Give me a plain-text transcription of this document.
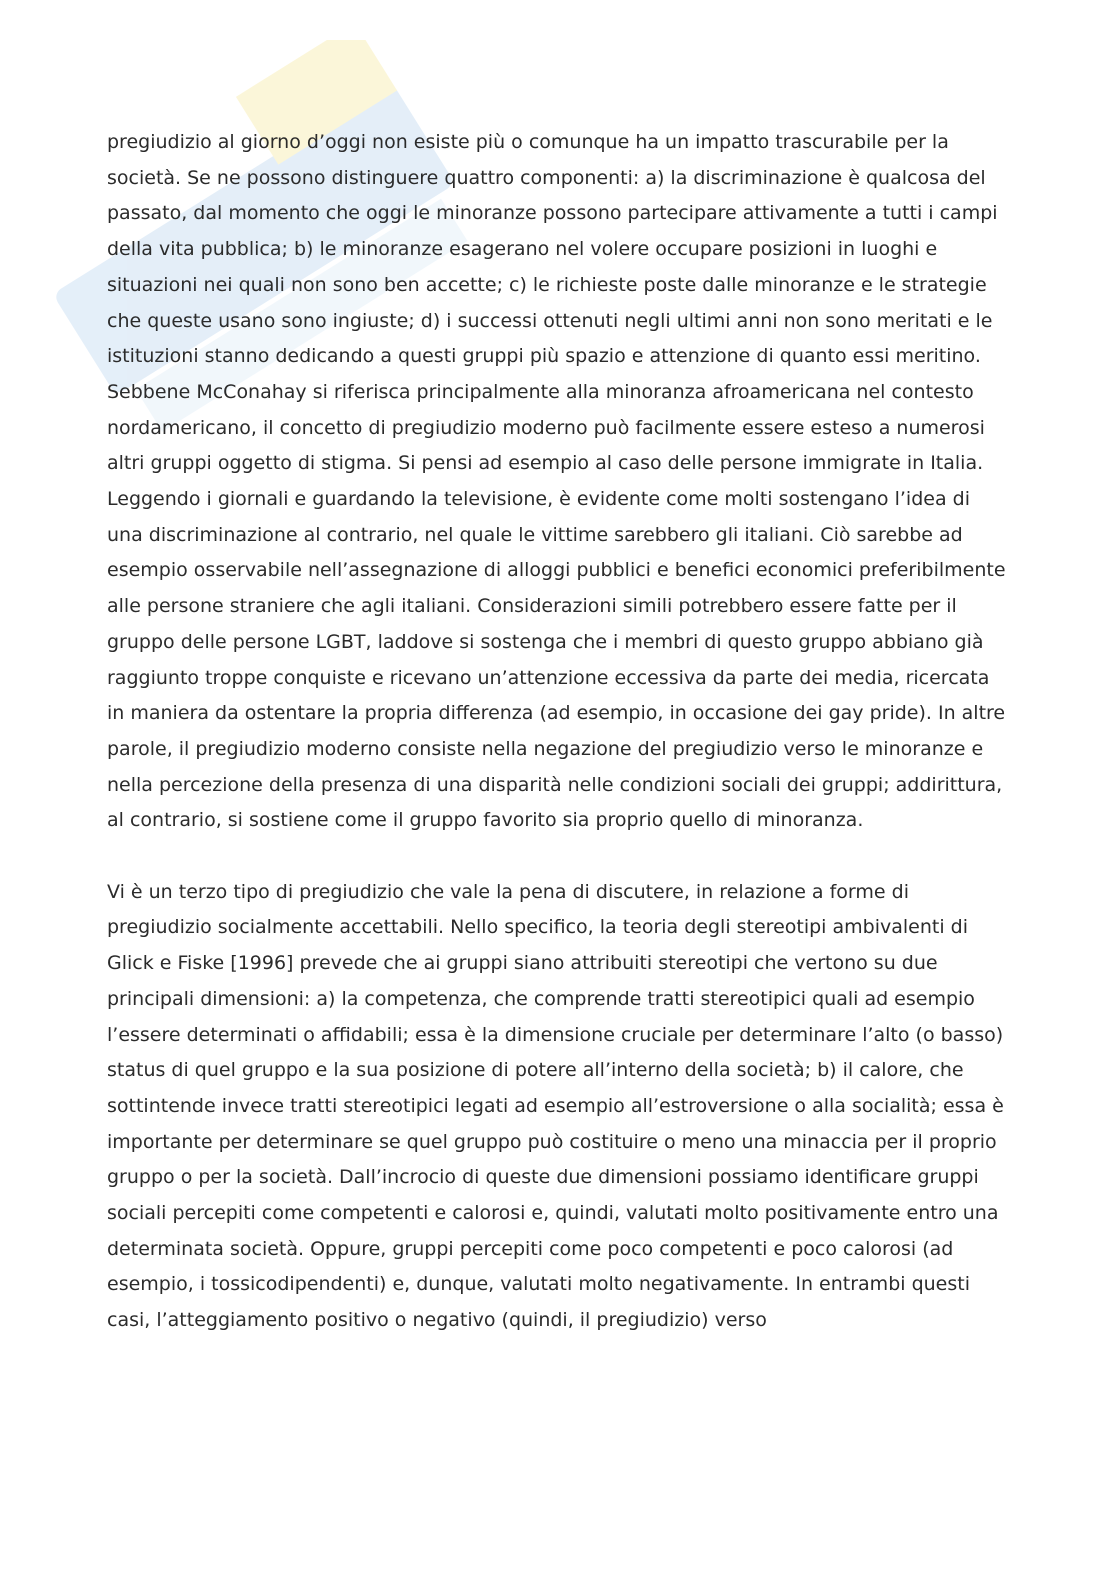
pregiudizio al giorno d’oggi non esiste più o comunque ha un impatto trascurabile per la società. Se ne possono distinguere quattro componenti: a) la discriminazione è qualcosa del passato, dal momento che oggi le minoranze possono partecipare attivamente a tutti i campi della vita pubblica; b) le minoranze esagerano nel volere occupare posizioni in luoghi e situazioni nei quali non sono ben accette; c) le richieste poste dalle minoranze e le strategie che queste usano sono ingiuste; d) i successi ottenuti negli ultimi anni non sono meritati e le istituzioni stanno dedicando a questi gruppi più spazio e attenzione di quanto essi meritino. Sebbene McConahay si riferisca principalmente alla minoranza afroamericana nel contesto nordamericano, il concetto di pregiudizio moderno può facilmente essere esteso a numerosi altri gruppi oggetto di stigma. Si pensi ad esempio al caso delle persone immigrate in Italia. Leggendo i giornali e guardando la televisione, è evidente come molti sostengano l’idea di una discriminazione al contrario, nel quale le vittime sarebbero gli italiani. Ciò sarebbe ad esempio osservabile nell’assegnazione di alloggi pubblici e benefici economici preferibilmente alle persone straniere che agli italiani. Considerazioni simili potrebbero essere fatte per il gruppo delle persone LGBT, laddove si sostenga che i membri di questo gruppo abbiano già raggiunto troppe conquiste e ricevano un’attenzione eccessiva da parte dei media, ricercata in maniera da ostentare la propria differenza (ad esempio, in occasione dei gay pride). In altre parole, il pregiudizio moderno consiste nella negazione del pregiudizio verso le minoranze e nella percezione della presenza di una disparità nelle condizioni sociali dei gruppi; addirittura, al contrario, si sostiene come il gruppo favorito sia proprio quello di minoranza.

Vi è un terzo tipo di pregiudizio che vale la pena di discutere, in relazione a forme di pregiudizio socialmente accettabili. Nello specifico, la teoria degli stereotipi ambivalenti di Glick e Fiske [1996] prevede che ai gruppi siano attribuiti stereotipi che vertono su due principali dimensioni: a) la competenza, che comprende tratti stereotipici quali ad esempio l’essere determinati o affidabili; essa è la dimensione cruciale per determinare l’alto (o basso) status di quel gruppo e la sua posizione di potere all’interno della società; b) il calore, che sottintende invece tratti stereotipici legati ad esempio all’estroversione o alla socialità; essa è importante per determinare se quel gruppo può costituire o meno una minaccia per il proprio gruppo o per la società. Dall’incrocio di queste due dimensioni possiamo identificare gruppi sociali percepiti come competenti e calorosi e, quindi, valutati molto positivamente entro una determinata società. Oppure, gruppi percepiti come poco competenti e poco calorosi (ad esempio, i tossicodipendenti) e, dunque, valutati molto negativamente. In entrambi questi casi, l’atteggiamento positivo o negativo (quindi, il pregiudizio) verso
